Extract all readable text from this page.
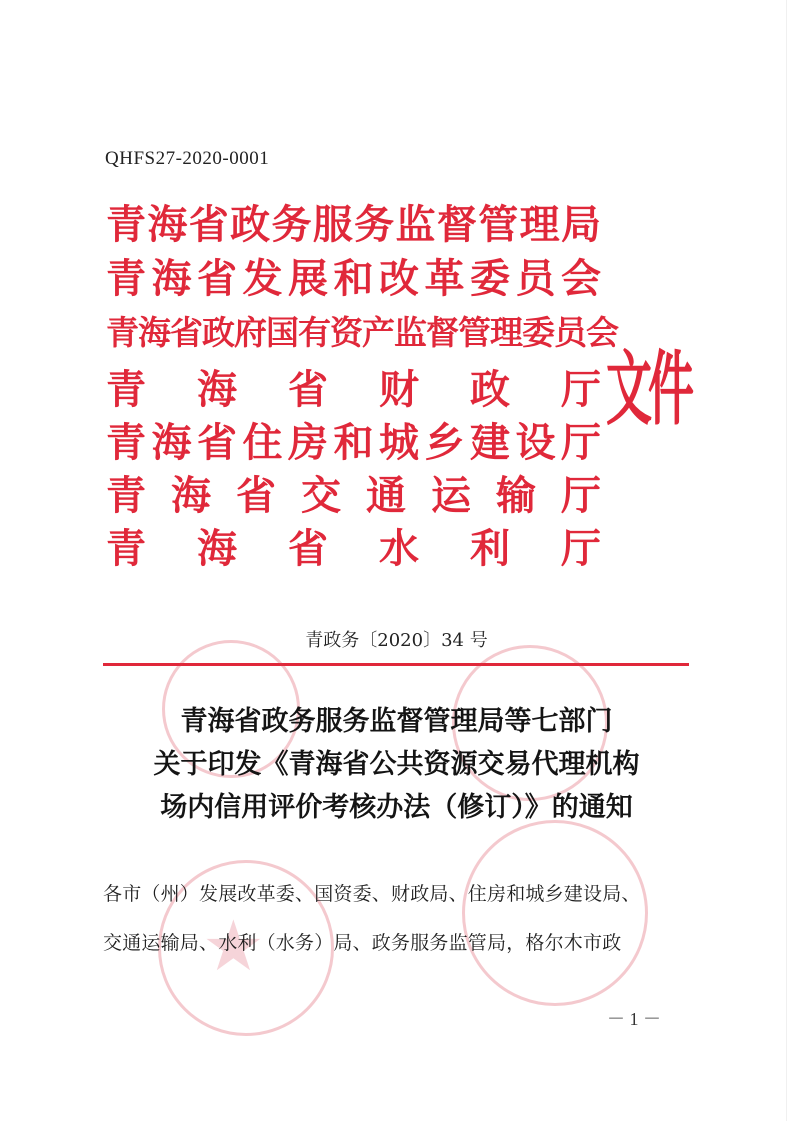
QHFS27-2020-0001
青 海 省 政 务 服 务 监 督 管 理 局
青 海 省 发 展 和 改 革 委 员 会
青 海 省 政 府 国 有 资 产 监 督 管 理 委 员 会
青 海 省 财 政 厅
青 海 省 住 房 和 城 乡 建 设 厅
青 海 省 交 通 运 输 厅
青 海 省 水 利 厅
文件
青政务〔2020〕34 号
★
青海省政务服务监督管理局等七部门
关于印发《青海省公共资源交易代理机构
场内信用评价考核办法（修订）》的通知
各市（州）发展改革委、国资委、财政局、住房和城乡建设局、
交通运输局、水利（水务）局、政务服务监管局，格尔木市政
－ 1 －
